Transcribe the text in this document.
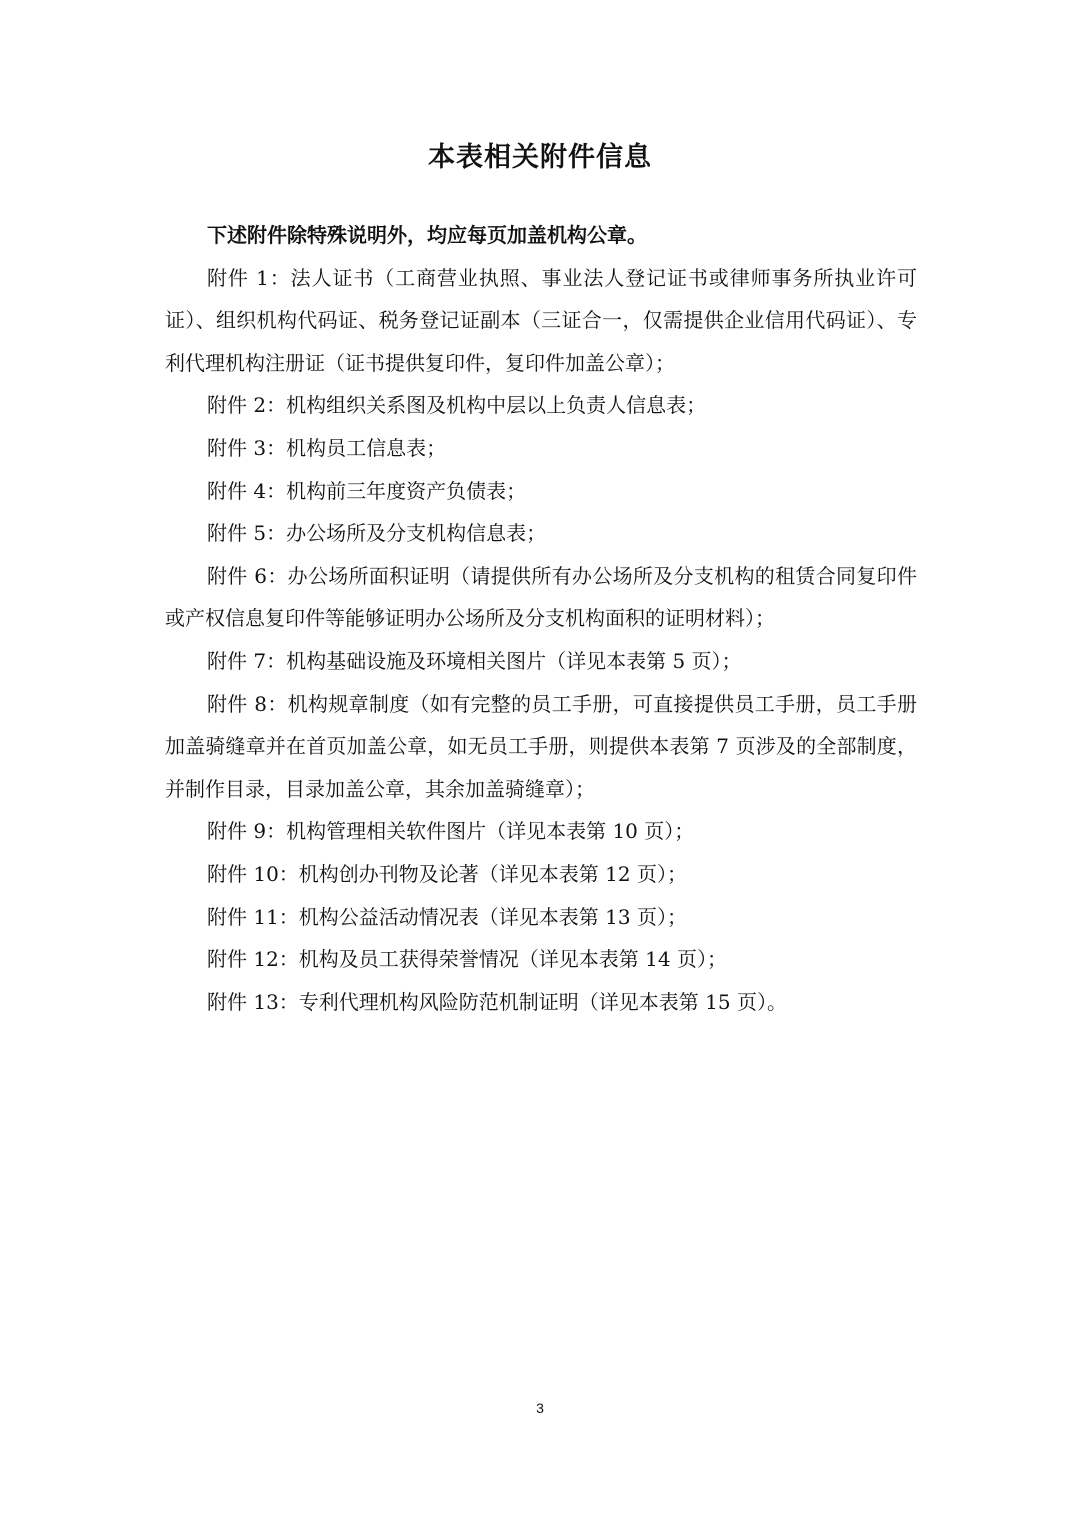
本表相关附件信息

下述附件除特殊说明外，均应每页加盖机构公章。

附件 1：法人证书（工商营业执照、事业法人登记证书或律师事务所执业许可证）、组织机构代码证、税务登记证副本（三证合一，仅需提供企业信用代码证）、专利代理机构注册证（证书提供复印件，复印件加盖公章）；

附件 2：机构组织关系图及机构中层以上负责人信息表；

附件 3：机构员工信息表；

附件 4：机构前三年度资产负债表；

附件 5：办公场所及分支机构信息表；

附件 6：办公场所面积证明（请提供所有办公场所及分支机构的租赁合同复印件或产权信息复印件等能够证明办公场所及分支机构面积的证明材料）；

附件 7：机构基础设施及环境相关图片（详见本表第 5 页）；

附件 8：机构规章制度（如有完整的员工手册，可直接提供员工手册，员工手册加盖骑缝章并在首页加盖公章，如无员工手册，则提供本表第 7 页涉及的全部制度，并制作目录，目录加盖公章，其余加盖骑缝章）；

附件 9：机构管理相关软件图片（详见本表第 10 页）；

附件 10：机构创办刊物及论著（详见本表第 12 页）；

附件 11：机构公益活动情况表（详见本表第 13 页）；

附件 12：机构及员工获得荣誉情况（详见本表第 14 页）；

附件 13：专利代理机构风险防范机制证明（详见本表第 15 页）。

3
